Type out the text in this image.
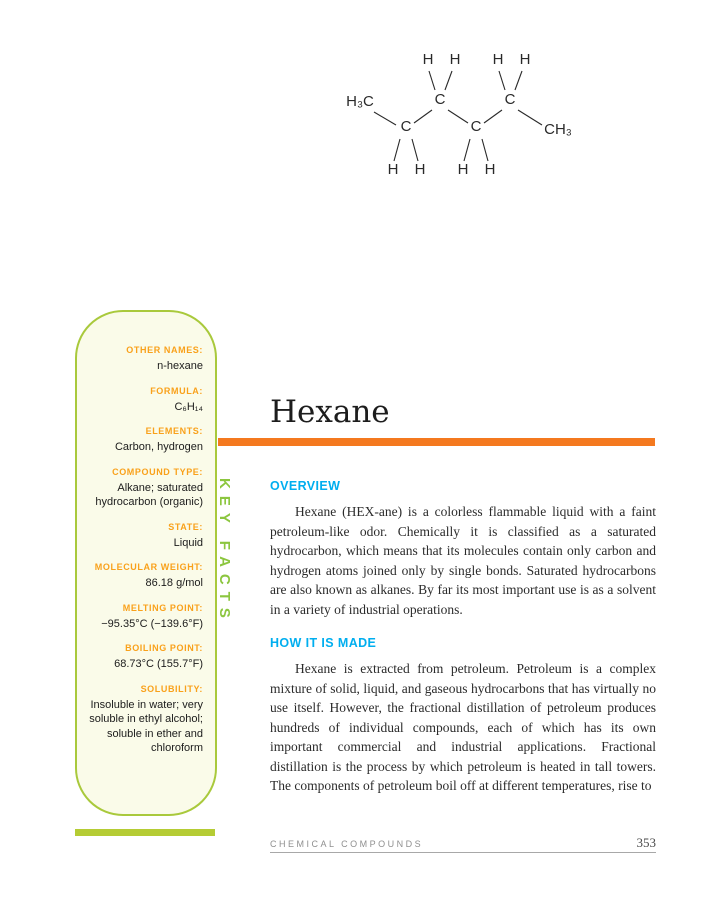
H₃C
C
C
C
C
CH₃
H H H H
H H H H
OTHER NAMES:
n-hexane
FORMULA:
C₆H₁₄
ELEMENTS:
Carbon, hydrogen
COMPOUND TYPE:
Alkane; saturated hydrocarbon (organic)
STATE:
Liquid
MOLECULAR WEIGHT:
86.18 g/mol
MELTING POINT:
−95.35°C (−139.6°F)
BOILING POINT:
68.73°C (155.7°F)
SOLUBILITY:
Insoluble in water; very soluble in ethyl alcohol; soluble in ether and chloroform
KEY FACTS
Hexane
OVERVIEW

Hexane (HEX-ane) is a colorless flammable liquid with a faint petroleum-like odor. Chemically it is classified as a saturated hydrocarbon, which means that its molecules contain only carbon and hydrogen atoms joined only by single bonds. Saturated hydrocarbons are also known as alkanes. By far its most important use is as a solvent in a variety of industrial operations.

HOW IT IS MADE

Hexane is extracted from petroleum. Petroleum is a complex mixture of solid, liquid, and gaseous hydrocarbons that has virtually no use itself. However, the fractional distillation of petroleum produces hundreds of individual compounds, each of which has its own important commercial and industrial applications. Fractional distillation is the process by which petroleum is heated in tall towers. The components of petroleum boil off at different temperatures, rise to

CHEMICAL COMPOUNDS	353
